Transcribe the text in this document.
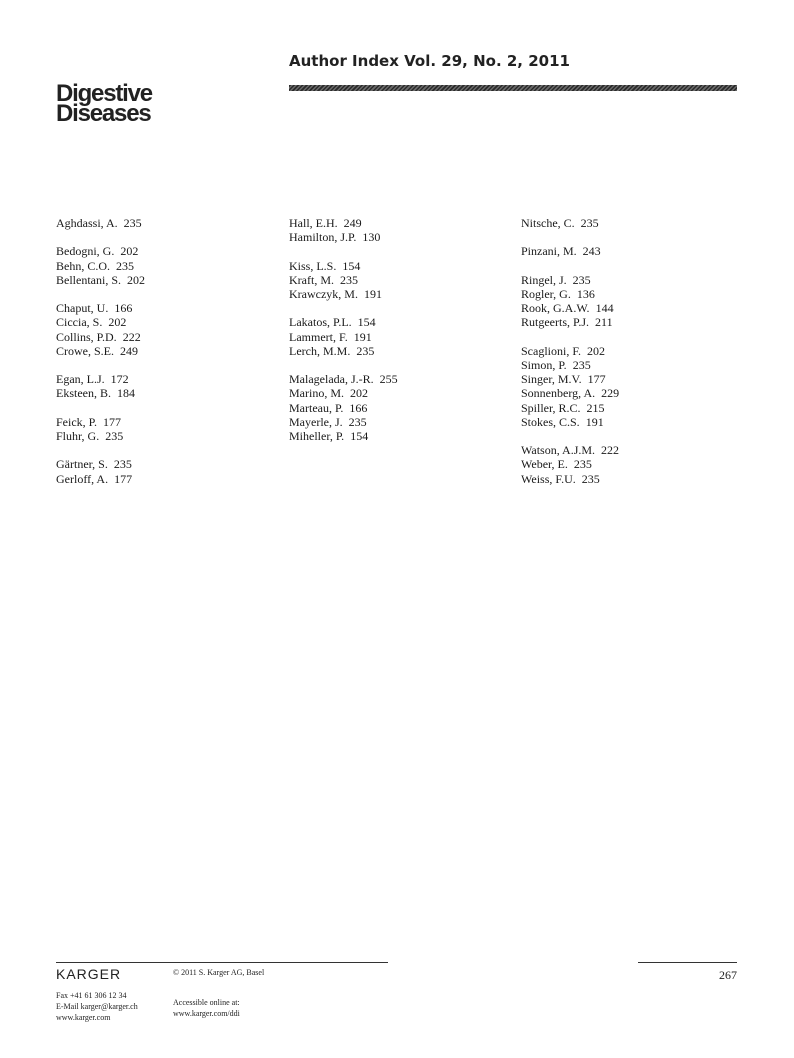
Digestive
Diseases
Author Index Vol. 29, No. 2, 2011
Aghdassi, A. 235
Bedogni, G. 202
Behn, C.O. 235
Bellentani, S. 202
Chaput, U. 166
Ciccia, S. 202
Collins, P.D. 222
Crowe, S.E. 249
Egan, L.J. 172
Eksteen, B. 184
Feick, P. 177
Fluhr, G. 235
Gärtner, S. 235
Gerloff, A. 177
Hall, E.H. 249
Hamilton, J.P. 130
Kiss, L.S. 154
Kraft, M. 235
Krawczyk, M. 191
Lakatos, P.L. 154
Lammert, F. 191
Lerch, M.M. 235
Malagelada, J.-R. 255
Marino, M. 202
Marteau, P. 166
Mayerle, J. 235
Miheller, P. 154
Nitsche, C. 235
Pinzani, M. 243
Ringel, J. 235
Rogler, G. 136
Rook, G.A.W. 144
Rutgeerts, P.J. 211
Scaglioni, F. 202
Simon, P. 235
Singer, M.V. 177
Sonnenberg, A. 229
Spiller, R.C. 215
Stokes, C.S. 191
Watson, A.J.M. 222
Weber, E. 235
Weiss, F.U. 235
KARGER	© 2011 S. Karger AG, Basel	267
Fax +41 61 306 12 34
E-Mail karger@karger.ch
www.karger.com
Accessible online at:
www.karger.com/ddi
